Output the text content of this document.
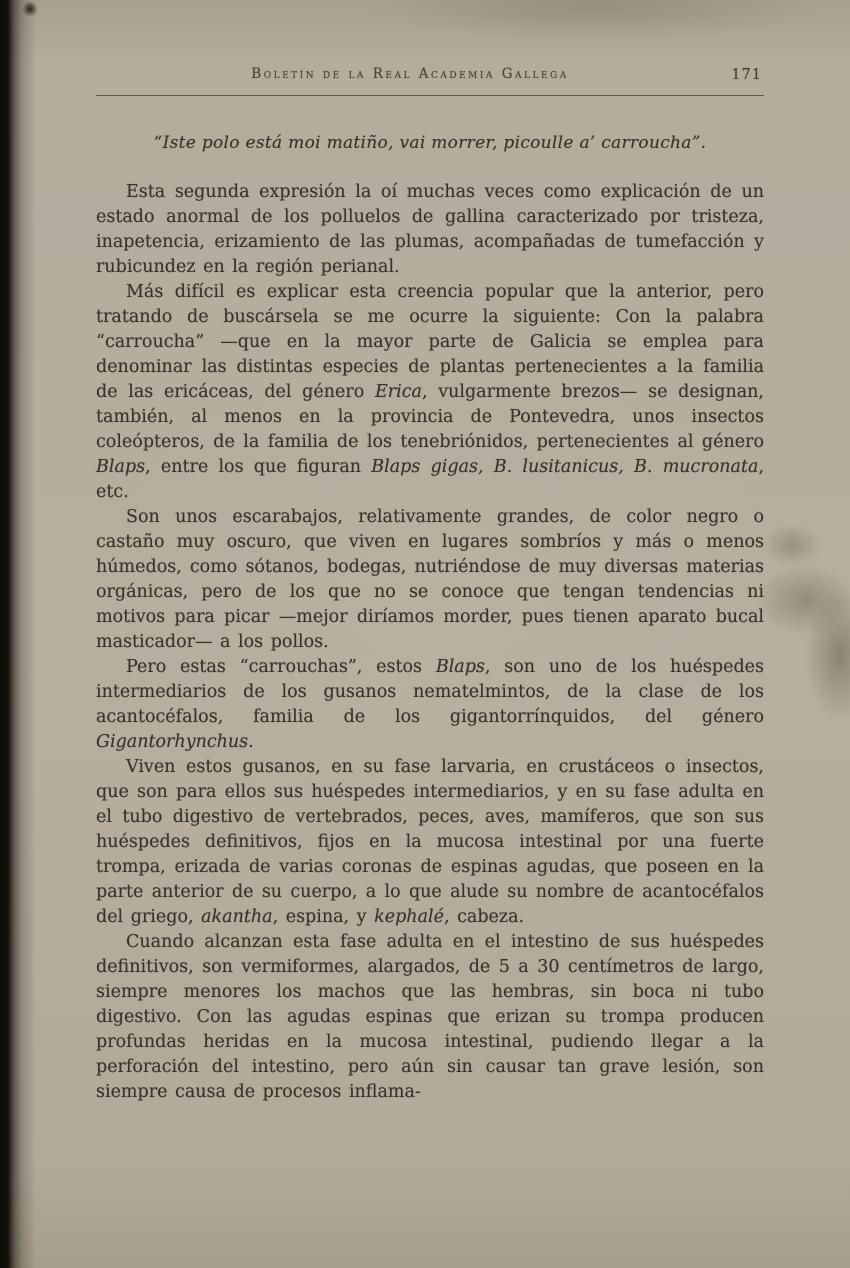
Boletín de la Real Academia Gallega	171

“Iste polo está moi matiño, vai morrer, picoulle a’ carroucha”.

Esta segunda expresión la oí muchas veces como explicación de un estado anormal de los polluelos de gallina caracterizado por tristeza, inapetencia, erizamiento de las plumas, acompañadas de tumefacción y rubicundez en la región perianal.

Más difícil es explicar esta creencia popular que la anterior, pero tratando de buscársela se me ocurre la siguiente: Con la palabra “carroucha” —que en la mayor parte de Galicia se emplea para denominar las distintas especies de plantas pertenecientes a la familia de las ericáceas, del género Erica, vulgarmente brezos— se designan, también, al menos en la provincia de Pontevedra, unos insectos coleópteros, de la familia de los tenebriónidos, pertenecientes al género Blaps, entre los que figuran Blaps gigas, B. lusitanicus, B. mucronata, etc.

Son unos escarabajos, relativamente grandes, de color negro o castaño muy oscuro, que viven en lugares sombríos y más o menos húmedos, como sótanos, bodegas, nutriéndose de muy diversas materias orgánicas, pero de los que no se conoce que tengan tendencias ni motivos para picar —mejor diríamos morder, pues tienen aparato bucal masticador— a los pollos.

Pero estas “carrouchas”, estos Blaps, son uno de los huéspedes intermediarios de los gusanos nematelmintos, de la clase de los acantocéfalos, familia de los gigantorrínquidos, del género Gigantorhynchus.

Viven estos gusanos, en su fase larvaria, en crustáceos o insectos, que son para ellos sus huéspedes intermediarios, y en su fase adulta en el tubo digestivo de vertebrados, peces, aves, mamíferos, que son sus huéspedes definitivos, fijos en la mucosa intestinal por una fuerte trompa, erizada de varias coronas de espinas agudas, que poseen en la parte anterior de su cuerpo, a lo que alude su nombre de acantocéfalos del griego, akantha, espina, y kephalé, cabeza.

Cuando alcanzan esta fase adulta en el intestino de sus huéspedes definitivos, son vermiformes, alargados, de 5 a 30 centímetros de largo, siempre menores los machos que las hembras, sin boca ni tubo digestivo. Con las agudas espinas que erizan su trompa producen profundas heridas en la mucosa intestinal, pudiendo llegar a la perforación del intestino, pero aún sin causar tan grave lesión, son siempre causa de procesos inflama-
